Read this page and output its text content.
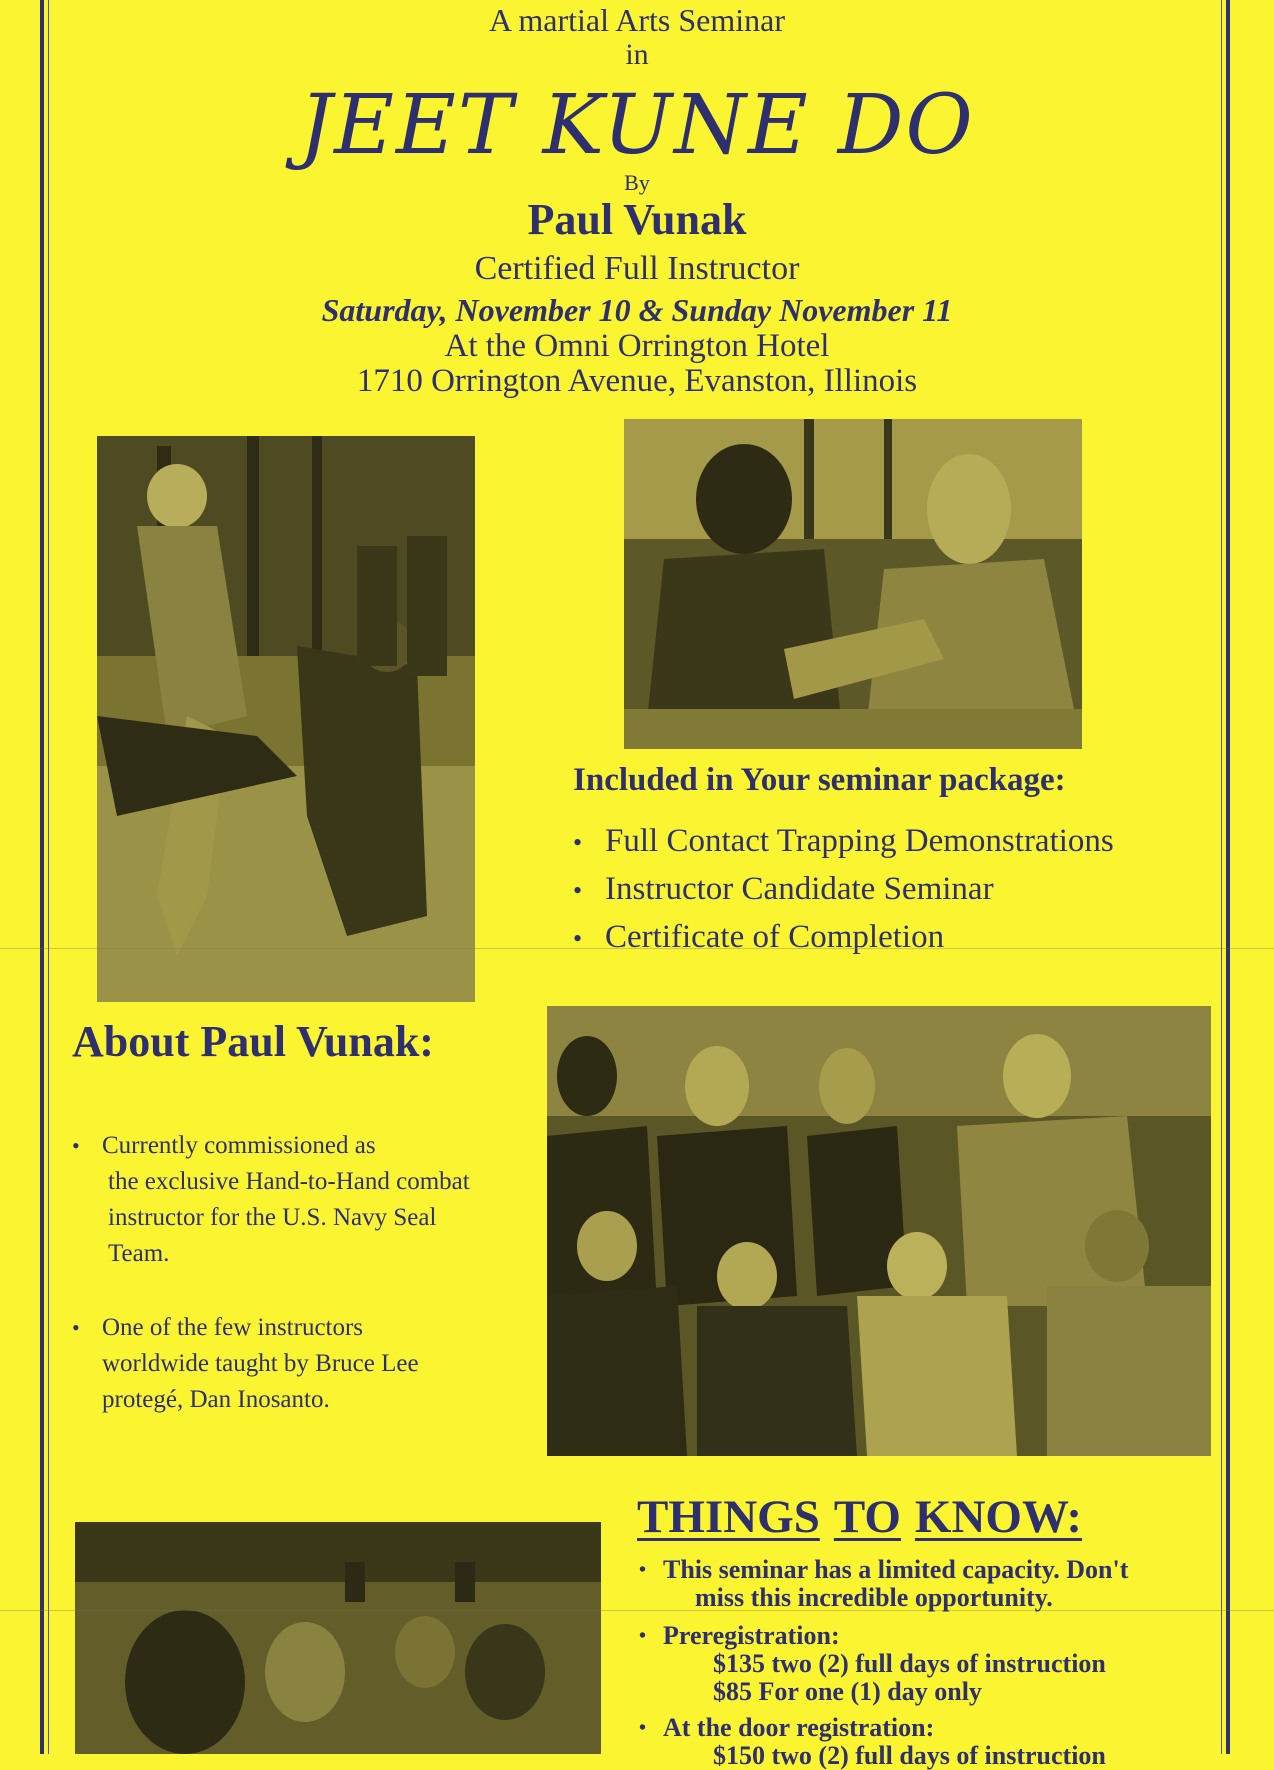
A martial Arts Seminar
in
JEET KUNE DO
By
Paul Vunak
Certified Full Instructor
Saturday, November 10 & Sunday November 11
At the Omni Orrington Hotel
1710 Orrington Avenue, Evanston, Illinois
Included in Your seminar package:
• Full Contact Trapping Demonstrations
• Instructor Candidate Seminar
• Certificate of Completion
About Paul Vunak:
• Currently commissioned as
the exclusive Hand-to-Hand combat
instructor for the U.S. Navy Seal
Team.
• One of the few instructors
worldwide taught by Bruce Lee
protegé, Dan Inosanto.
THINGS TO KNOW:
• This seminar has a limited capacity. Don't
miss this incredible opportunity.
• Preregistration:
$135 two (2) full days of instruction
$85 For one (1) day only
• At the door registration:
$150 two (2) full days of instruction
